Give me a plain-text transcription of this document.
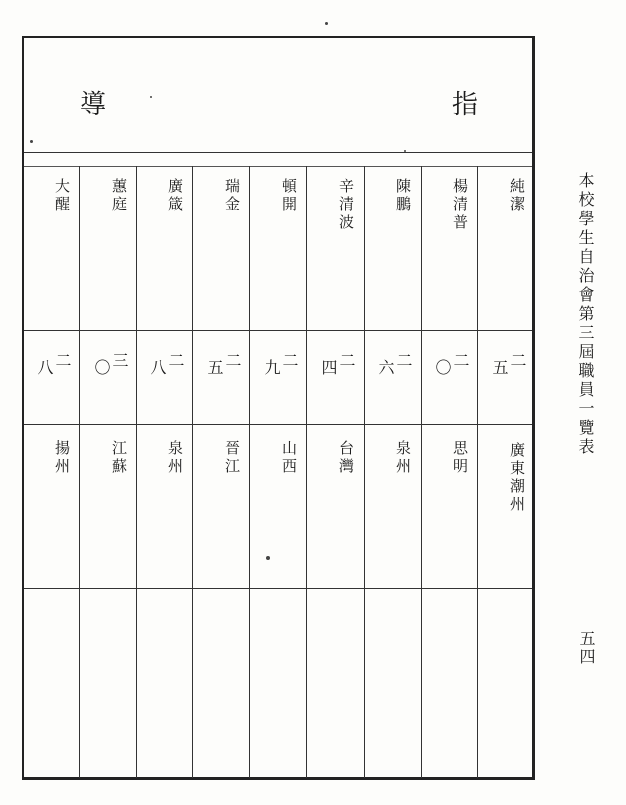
導	指
純潔
二
五
廣東潮州
楊清普
二
〇
思明
陳鵬
二
六
泉州
辛清波
二
四
台灣
頓開
二
九
山西
瑞金
二
五
晉江
廣箴
二
八
泉州
蕙庭
三
〇
江蘇
大醒
二
八
揚州
本校學生自治會第三屆職員一覽表
五四
